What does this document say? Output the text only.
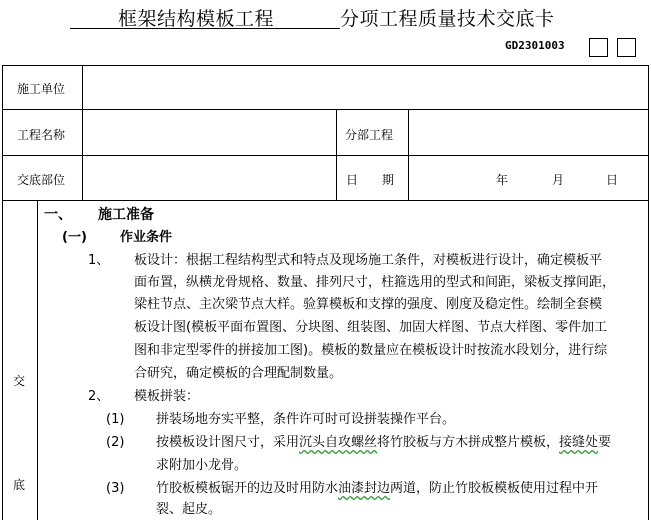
框架结构模板工程	分项工程质量技术交底卡
GD2301003
施工单位
工程名称	分部工程
交底部位	日　　期	年	月	日
交
底
一、 施工准备
(一)	作业条件
1、 板设计：根据工程结构型式和特点及现场施工条件，对模板进行设计，确定模板平
面布置，纵横龙骨规格、数量、排列尺寸，柱箍选用的型式和间距，梁板支撑间距，
梁柱节点、主次梁节点大样。验算模板和支撑的强度、刚度及稳定性。绘制全套模
板设计图(模板平面布置图、分块图、组装图、加固大样图、节点大样图、零件加工
图和非定型零件的拼接加工图)。模板的数量应在模板设计时按流水段划分，进行综
合研究，确定模板的合理配制数量。
2、 模板拼装：
(1) 拼装场地夯实平整，条件许可时可设拼装操作平台。
(2) 按模板设计图尺寸，采用沉头自攻螺丝将竹胶板与方木拼成整片模板，接缝处要
求附加小龙骨。
(3) 竹胶板模板锯开的边及时用防水油漆封边两道，防止竹胶板模板使用过程中开
裂、起皮。
